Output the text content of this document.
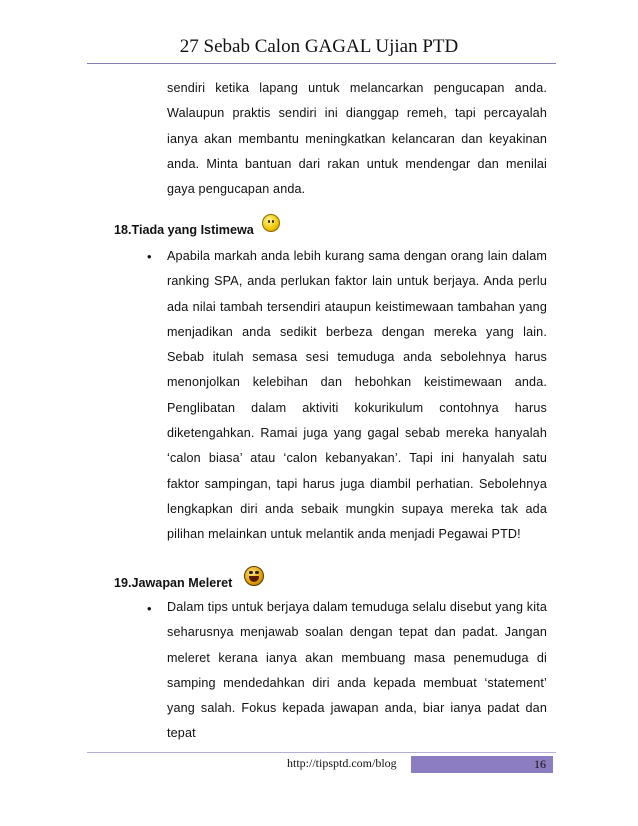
27 Sebab Calon GAGAL Ujian PTD
sendiri ketika lapang untuk melancarkan pengucapan anda. Walaupun praktis sendiri ini dianggap remeh, tapi percayalah ianya akan membantu meningkatkan kelancaran dan keyakinan anda. Minta bantuan dari rakan untuk mendengar dan menilai gaya pengucapan anda.
18.Tiada yang Istimewa
• Apabila markah anda lebih kurang sama dengan orang lain dalam ranking SPA, anda perlukan faktor lain untuk berjaya. Anda perlu ada nilai tambah tersendiri ataupun keistimewaan tambahan yang menjadikan anda sedikit berbeza dengan mereka yang lain. Sebab itulah semasa sesi temuduga anda sebolehnya harus menonjolkan kelebihan dan hebohkan keistimewaan anda. Penglibatan dalam aktiviti kokurikulum contohnya harus diketengahkan. Ramai juga yang gagal sebab mereka hanyalah ‘calon biasa’ atau ‘calon kebanyakan’. Tapi ini hanyalah satu faktor sampingan, tapi harus juga diambil perhatian. Sebolehnya lengkapkan diri anda sebaik mungkin supaya mereka tak ada pilihan melainkan untuk melantik anda menjadi Pegawai PTD!
19.Jawapan Meleret
• Dalam tips untuk berjaya dalam temuduga selalu disebut yang kita seharusnya menjawab soalan dengan tepat dan padat. Jangan meleret kerana ianya akan membuang masa penemuduga di samping mendedahkan diri anda kepada membuat ‘statement’ yang salah. Fokus kepada jawapan anda, biar ianya padat dan tepat
http://tipsptd.com/blog	16
